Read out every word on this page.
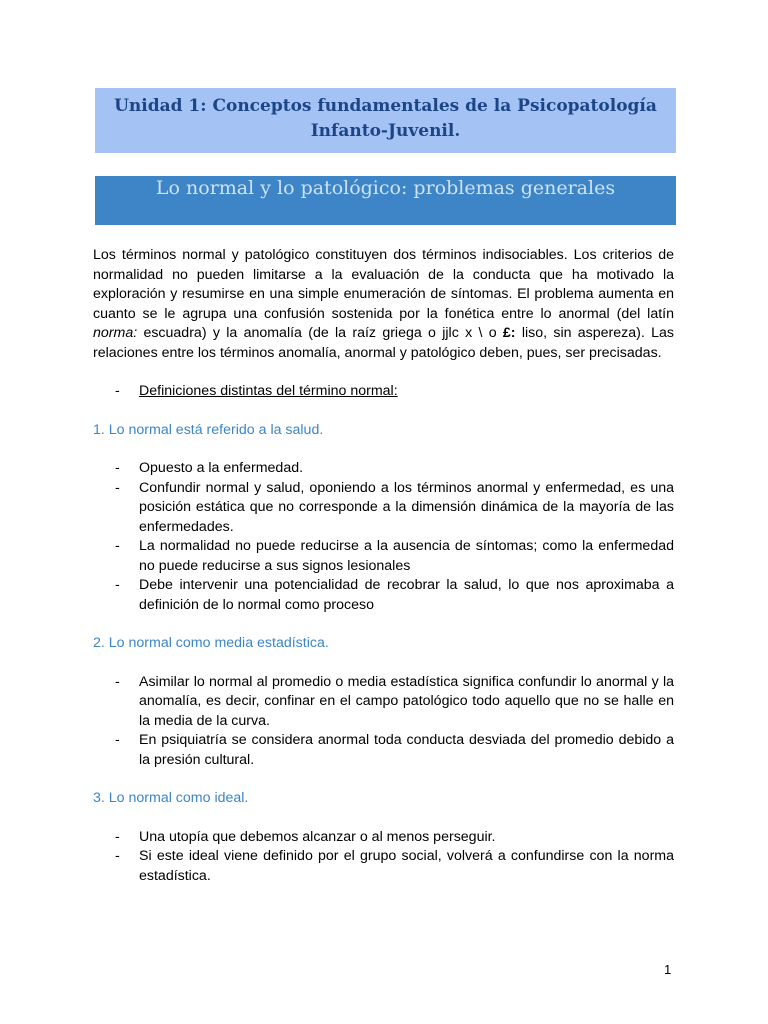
Unidad 1: Conceptos fundamentales de la Psicopatología
Infanto-Juvenil.
Lo normal y lo patológico: problemas generales

Los términos normal y patológico constituyen dos términos indisociables. Los criterios de normalidad no pueden limitarse a la evaluación de la conducta que ha motivado la exploración y resumirse en una simple enumeración de síntomas. El problema aumenta en cuanto se le agrupa una confusión sostenida por la fonética entre lo anormal (del latín norma: escuadra) y la anomalía (de la raíz griega o jjlc x \ o £: liso, sin aspereza). Las relaciones entre los términos anomalía, anormal y patológico deben, pues, ser precisadas.

- Definiciones distintas del término normal:

1. Lo normal está referido a la salud.

- Opuesto a la enfermedad.
- Confundir normal y salud, oponiendo a los términos anormal y enfermedad, es una posición estática que no corresponde a la dimensión dinámica de la mayoría de las enfermedades.
- La normalidad no puede reducirse a la ausencia de síntomas; como la enfermedad no puede reducirse a sus signos lesionales
- Debe intervenir una potencialidad de recobrar la salud, lo que nos aproximaba a definición de lo normal como proceso

2. Lo normal como media estadística.

- Asimilar lo normal al promedio o media estadística significa confundir lo anormal y la anomalía, es decir, confinar en el campo patológico todo aquello que no se halle en la media de la curva.
- En psiquiatría se considera anormal toda conducta desviada del promedio debido a la presión cultural.

3. Lo normal como ideal.

- Una utopía que debemos alcanzar o al menos perseguir.
- Si este ideal viene definido por el grupo social, volverá a confundirse con la norma estadística.
1
